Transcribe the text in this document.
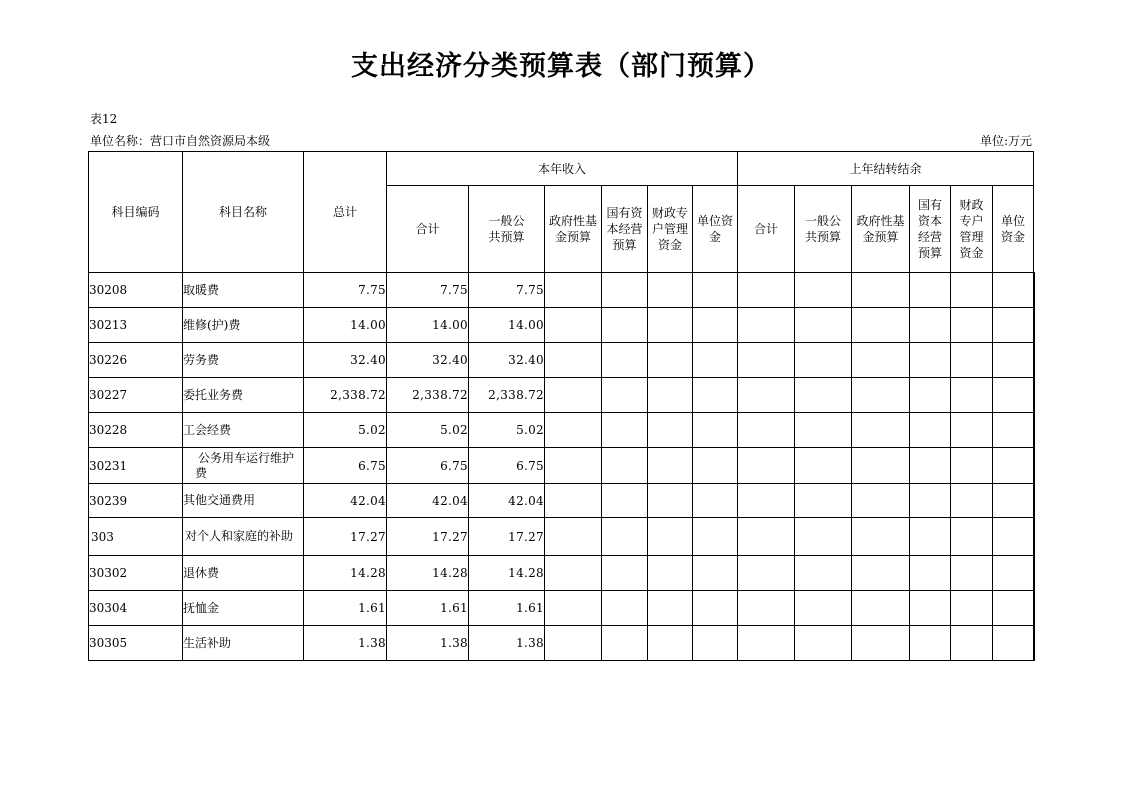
支出经济分类预算表（部门预算）
表12
单位名称：营口市自然资源局本级	单位:万元
科目编码	科目名称	总计	本年收入						上年结转结余						
			合计	一般公共预算	政府性基金预算	国有资本经营预算	财政专户管理资金	单位资金	合计	一般公共预算	政府性基金预算	国有资本经营预算	财政专户管理资金	单位资金	
30208	取暖费	7.75	7.75	7.75											
30213	维修(护)费	14.00	14.00	14.00											
30226	劳务费	32.40	32.40	32.40											
30227	委托业务费	2,338.72	2,338.72	2,338.72											
30228	工会经费	5.02	5.02	5.02											
30231	公务用车运行维护费	6.75	6.75	6.75											
30239	其他交通费用	42.04	42.04	42.04											
303	对个人和家庭的补助	17.27	17.27	17.27											
30302	退休费	14.28	14.28	14.28											
30304	抚恤金	1.61	1.61	1.61											
30305	生活补助	1.38	1.38	1.38											
